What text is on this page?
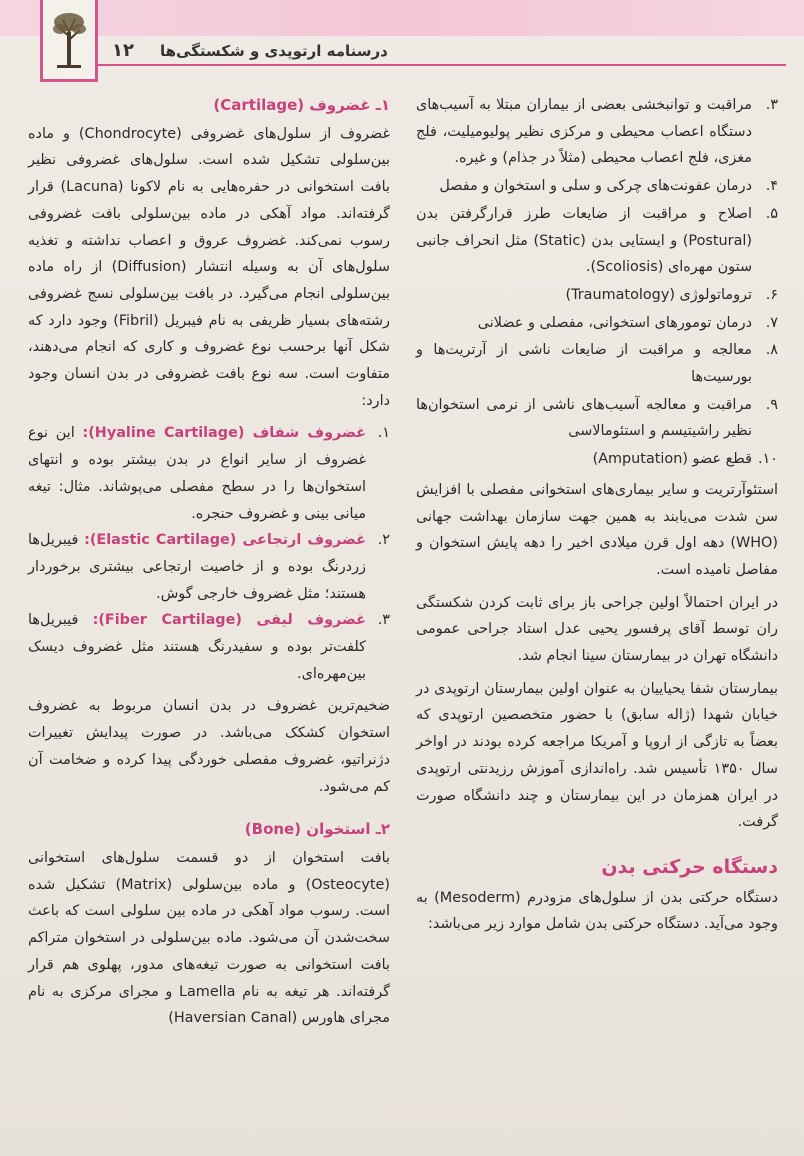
۱۲ درسنامه ارتوپدی و شکستگی‌ها
۳.
مراقبت و توانبخشی بعضی از بیماران مبتلا به آسیب‌های دستگاه اعصاب محیطی و مرکزی نظیر پولیومیلیت، فلج مغزی، فلج اعصاب محیطی (مثلاً در جذام) و غیره.
۴.
درمان عفونت‌های چرکی و سلی و استخوان و مفصل
۵.
اصلاح و مراقبت از ضایعات طرز قرارگرفتن بدن (Postural) و ایستایی بدن (Static) مثل انحراف جانبی ستون مهره‌ای (Scoliosis).
۶.
تروماتولوژی (Traumatology)
۷.
درمان تومورهای استخوانی، مفصلی و عضلانی
۸.
معالجه و مراقبت از ضایعات ناشی از آرتریت‌ها و بورسیت‌ها
۹.
مراقبت و معالجه آسیب‌های ناشی از نرمی استخوان‌ها نظیر راشیتیسم و استئومالاسی
۱۰.
قطع عضو (Amputation)

استئوآرتریت و سایر بیماری‌های استخوانی مفصلی با افزایش سن شدت می‌یابند به همین جهت سازمان بهداشت جهانی (WHO) دهه اول قرن میلادی اخیر را دهه پایش استخوان و مفاصل نامیده است.

در ایران احتمالاً اولین جراحی باز برای ثابت کردن شکستگی ران توسط آقای پرفسور یحیی عدل استاد جراحی عمومی دانشگاه تهران در بیمارستان سینا انجام شد.

بیمارستان شفا یحیاییان به عنوان اولین بیمارستان ارتوپدی در خیابان شهدا (ژاله سابق) با حضور متخصصین ارتوپدی که بعضاً به تازگی از اروپا و آمریکا مراجعه کرده بودند در اواخر سال ۱۳۵۰ تأسیس شد. راه‌اندازی آموزش رزیدنتی ارتوپدی در ایران همزمان در این بیمارستان و چند دانشگاه صورت گرفت.

دستگاه حرکتی بدن

دستگاه حرکتی بدن از سلول‌های مزودرم (Mesoderm) به وجود می‌آید. دستگاه حرکتی بدن شامل موارد زیر می‌باشد:

۱ـ غضروف (Cartilage)

غضروف از سلول‌های غضروفی (Chondrocyte) و ماده بین‌سلولی تشکیل شده است. سلول‌های غضروفی نظیر بافت استخوانی در حفره‌هایی به نام لاکونا (Lacuna) قرار گرفته‌اند. مواد آهکی در ماده بین‌سلولی بافت غضروفی رسوب نمی‌کند. غضروف عروق و اعصاب نداشته و تغذیه سلول‌های آن به وسیله انتشار (Diffusion) از راه ماده بین‌سلولی انجام می‌گیرد. در بافت بین‌سلولی نسج غضروفی رشته‌های بسیار ظریفی به نام فیبریل (Fibril) وجود دارد که شکل آنها برحسب نوع غضروف و کاری که انجام می‌دهند، متفاوت است. سه نوع بافت غضروفی در بدن انسان وجود دارد:

۱.
غضروف شفاف (Hyaline Cartilage): این نوع غضروف از سایر انواع در بدن بیشتر بوده و انتهای استخوان‌ها را در سطح مفصلی می‌پوشاند. مثال: تیغه میانی بینی و غضروف حنجره.
۲.
غضروف ارتجاعی (Elastic Cartilage): فیبریل‌ها زردرنگ بوده و از خاصیت ارتجاعی بیشتری برخوردار هستند؛ مثل غضروف خارجی گوش.
۳.
غضروف لیفی (Fiber Cartilage): فیبریل‌ها کلفت‌تر بوده و سفیدرنگ هستند مثل غضروف دیسک بین‌مهره‌ای.

ضخیم‌ترین غضروف در بدن انسان مربوط به غضروف استخوان کشکک می‌باشد. در صورت پیدایش تغییرات دژنراتیو، غضروف مفصلی خوردگی پیدا کرده و ضخامت آن کم می‌شود.

۲ـ استخوان (Bone)

بافت استخوان از دو قسمت سلول‌های استخوانی (Osteocyte) و ماده بین‌سلولی (Matrix) تشکیل شده است. رسوب مواد آهکی در ماده بین سلولی است که باعث سخت‌شدن آن می‌شود. ماده بین‌سلولی در استخوان متراکم بافت استخوانی به صورت تیغه‌های مدور، پهلوی هم قرار گرفته‌اند. هر تیغه به نام Lamella و مجرای مرکزی به نام مجرای هاورس (Haversian Canal)
